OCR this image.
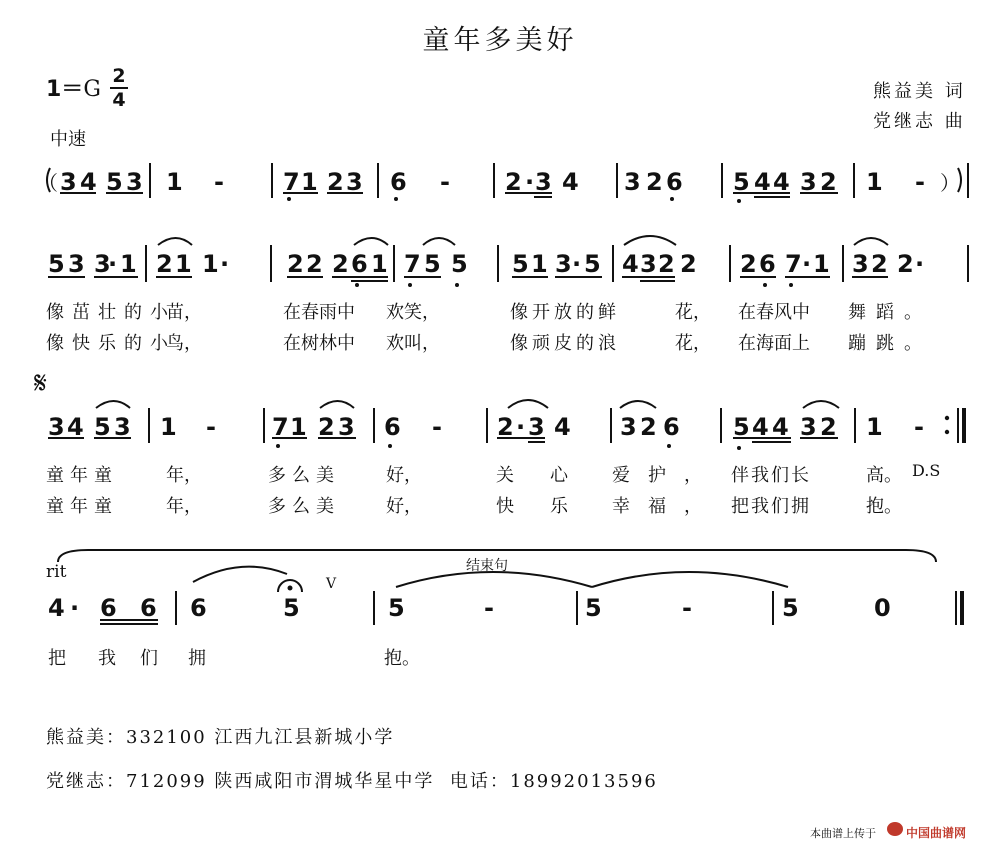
童年多美好
1＝G
2
4
中速
熊益美 词
党继志 曲
（ 3 4 5 3 1 - 7 1 2 3 6 - 2 · 3 4 3 2 6 5 4 4 3 2 1 - ）
5 3 3
· 1 2 1 1 · 2 2 2 6 1 7 5 5 5 1 3 · 5 4 3 2 2 2 6 7 · 1 3 2 2 ·
3 4 5 3 1 - 7 1 2 3 6 - 2 · 3 4 3 2 6 5 4 4 3 2 1 -
4 · 6 6 6	5	5	-	5	-	5	0
𝄋
像茁壮的小
苗，	在春雨中 欢笑，	像开放的鲜	花， 在春风中 舞蹈。
像快乐的小
鸟，	在树林中 欢叫，	像顽皮的浪	花， 在海面上 蹦跳。
童年童	年，	多么美	好，	关心 爱护， 伴我们长	高。 D.S
童年童	年，	多么美	好，	快乐 幸福， 把我们拥	抱。
rit	结束句
V
把 我 们 拥	抱。
熊益美：332100 江西九江县新城小学
党继志：712099 陕西咸阳市渭城华星中学  电话：18992013596
本曲谱上传于	中国曲谱网
